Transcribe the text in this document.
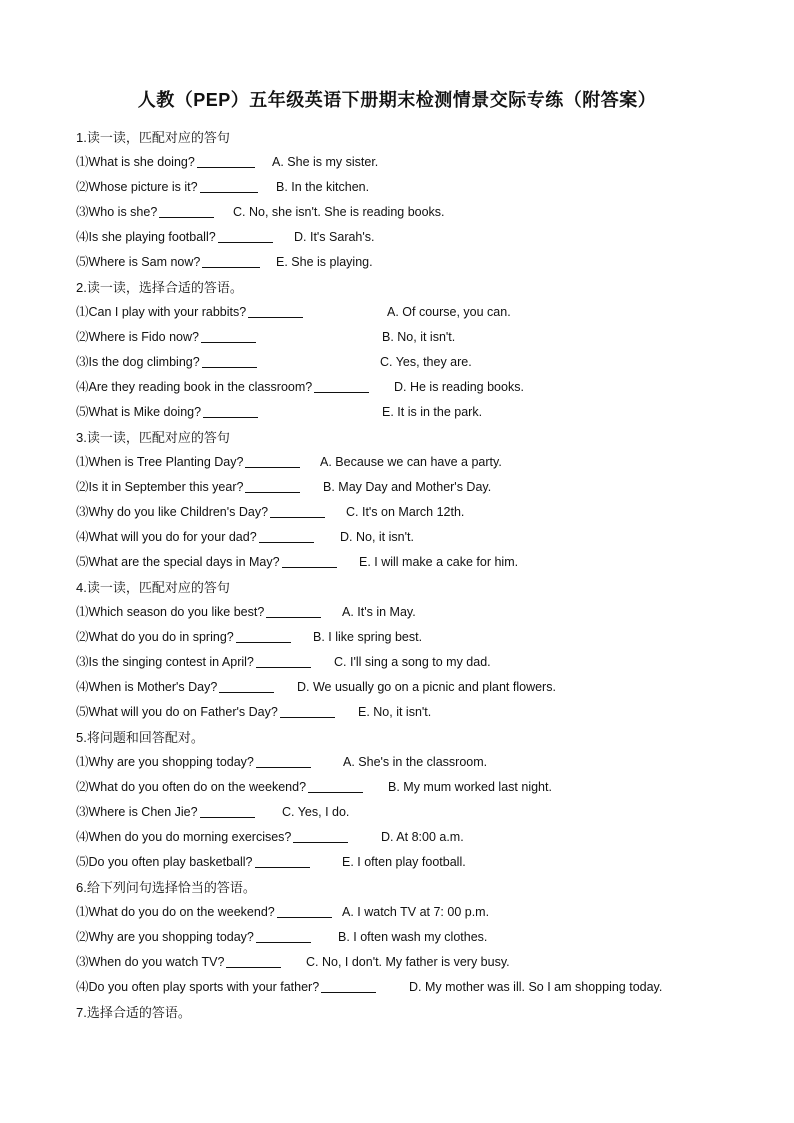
人教（PEP）五年级英语下册期末检测情景交际专练（附答案）
1.读一读，匹配对应的答句
⑴What is she doing?	A. She is my sister.
⑵Whose picture is it?	B. In the kitchen.
⑶Who is she?	C. No, she isn't. She is reading books.
⑷Is she playing football?	D. It's Sarah's.
⑸Where is Sam now?	E. She is playing.
2.读一读，选择合适的答语。
⑴Can I play with your rabbits?	A. Of course, you can.
⑵Where is Fido now?	B. No, it isn't.
⑶Is the dog climbing?	C. Yes, they are.
⑷Are they reading book in the classroom?	D. He is reading books.
⑸What is Mike doing?	E. It is in the park.
3.读一读，匹配对应的答句
⑴When is Tree Planting Day?	A. Because we can have a party.
⑵Is it in September this year?	B. May Day and Mother's Day.
⑶Why do you like Children's Day?	C. It's on March 12th.
⑷What will you do for your dad?	D. No, it isn't.
⑸What are the special days in May?	E. I will make a cake for him.
4.读一读，匹配对应的答句
⑴Which season do you like best?	A. It's in May.
⑵What do you do in spring?	B. I like spring best.
⑶Is the singing contest in April?	C. I'll sing a song to my dad.
⑷When is Mother's Day?	D. We usually go on a picnic and plant flowers.
⑸What will you do on Father's Day?	E. No, it isn't.
5.将问题和回答配对。
⑴Why are you shopping today?	A. She's in the classroom.
⑵What do you often do on the weekend?	B. My mum worked last night.
⑶Where is Chen Jie?	C. Yes, I do.
⑷When do you do morning exercises?	D. At 8:00 a.m.
⑸Do you often play basketball?	E. I often play football.
6.给下列问句选择恰当的答语。
⑴What do you do on the weekend?	A. I watch TV at 7: 00 p.m.
⑵Why are you shopping today?	B. I often wash my clothes.
⑶When do you watch TV?	C. No, I don't. My father is very busy.
⑷Do you often play sports with your father?	D. My mother was ill. So I am shopping today.
7.选择合适的答语。
